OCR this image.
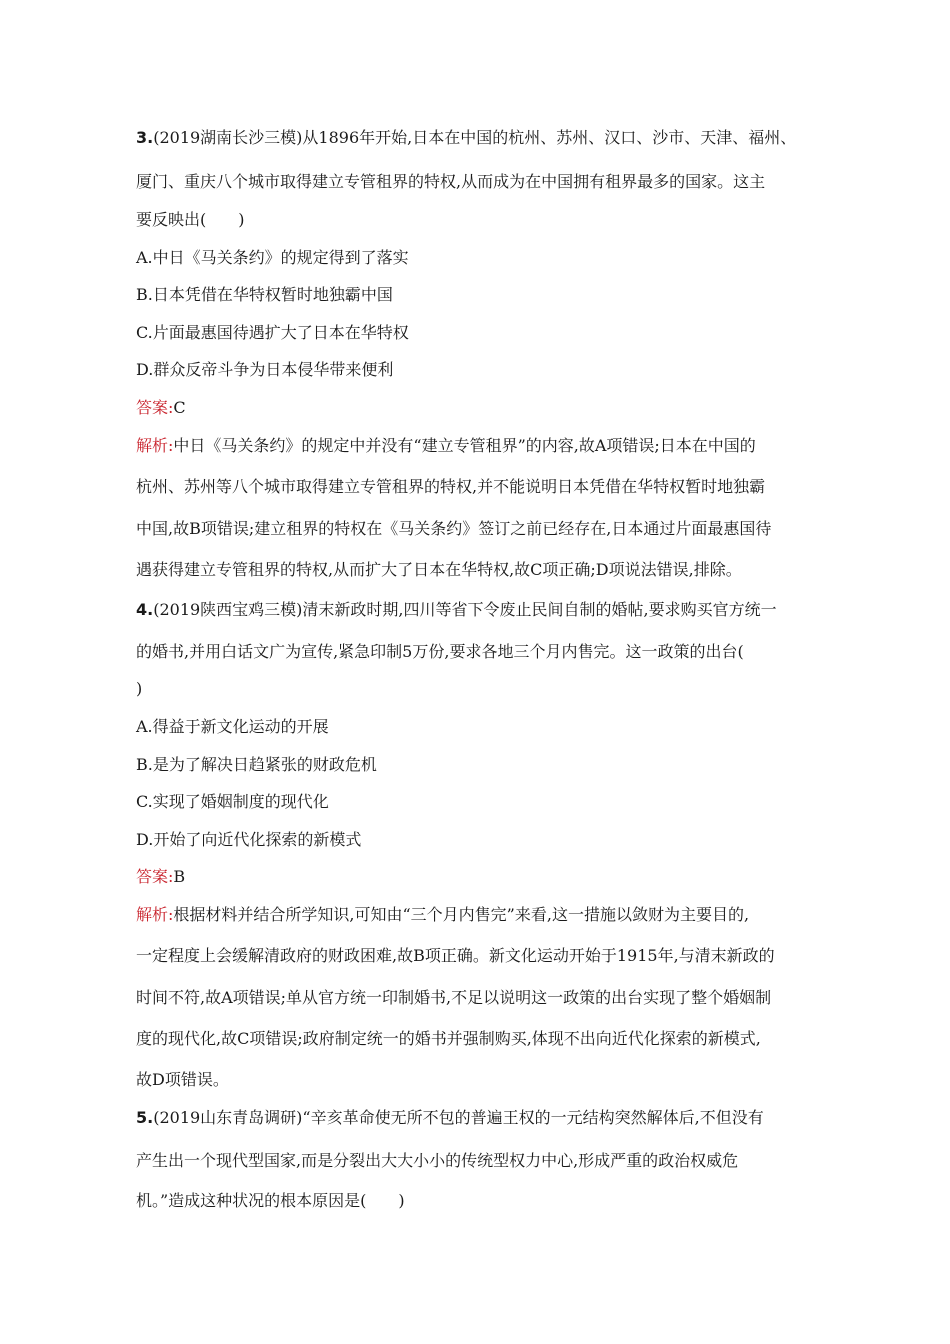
3.(2019湖南长沙三模)从1896年开始,日本在中国的杭州、苏州、汉口、沙市、天津、福州、
厦门、重庆八个城市取得建立专管租界的特权,从而成为在中国拥有租界最多的国家。这主
要反映出(　　)
A.中日《马关条约》的规定得到了落实
B.日本凭借在华特权暂时地独霸中国
C.片面最惠国待遇扩大了日本在华特权
D.群众反帝斗争为日本侵华带来便利
答案:C
解析:中日《马关条约》的规定中并没有“建立专管租界”的内容,故A项错误;日本在中国的
杭州、苏州等八个城市取得建立专管租界的特权,并不能说明日本凭借在华特权暂时地独霸
中国,故B项错误;建立租界的特权在《马关条约》签订之前已经存在,日本通过片面最惠国待
遇获得建立专管租界的特权,从而扩大了日本在华特权,故C项正确;D项说法错误,排除。
4.(2019陕西宝鸡三模)清末新政时期,四川等省下令废止民间自制的婚帖,要求购买官方统一
的婚书,并用白话文广为宣传,紧急印制5万份,要求各地三个月内售完。这一政策的出台(
)
A.得益于新文化运动的开展
B.是为了解决日趋紧张的财政危机
C.实现了婚姻制度的现代化
D.开始了向近代化探索的新模式
答案:B
解析:根据材料并结合所学知识,可知由“三个月内售完”来看,这一措施以敛财为主要目的,
一定程度上会缓解清政府的财政困难,故B项正确。新文化运动开始于1915年,与清末新政的
时间不符,故A项错误;单从官方统一印制婚书,不足以说明这一政策的出台实现了整个婚姻制
度的现代化,故C项错误;政府制定统一的婚书并强制购买,体现不出向近代化探索的新模式,
故D项错误。
5.(2019山东青岛调研)“辛亥革命使无所不包的普遍王权的一元结构突然解体后,不但没有
产生出一个现代型国家,而是分裂出大大小小的传统型权力中心,形成严重的政治权威危
机。”造成这种状况的根本原因是(　　)
